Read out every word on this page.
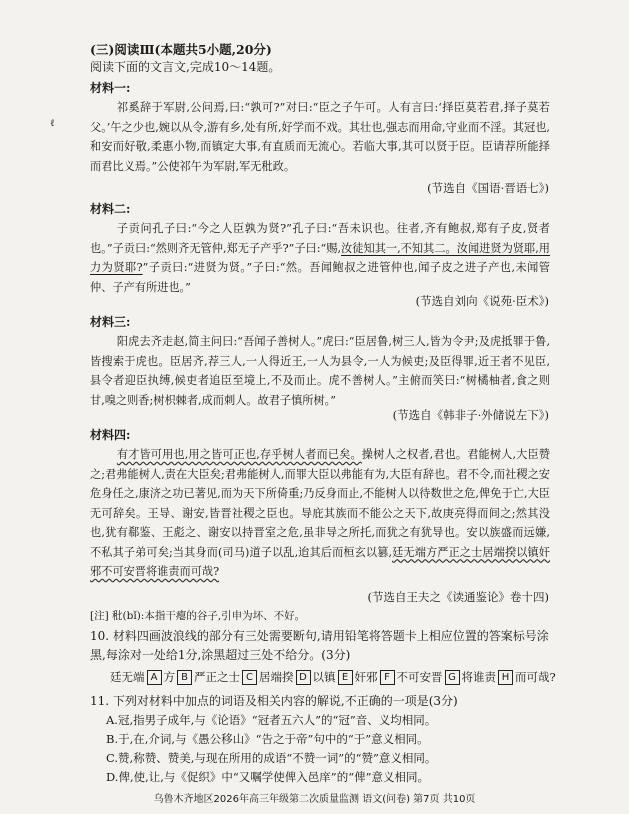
(三)阅读Ⅲ(本题共5小题,20分)
阅读下面的文言文,完成10～14题。
ℓ
材料一:

祁奚辞于军尉,公问焉,曰:“孰可?”对曰:“臣之子午可。人有言曰:‘择臣莫若君,择子莫若父。’午之少也,婉以从令,游有乡,处有所,好学而不戏。其壮也,强志而用命,守业而不淫。其冠也,和安而好敬,柔惠小物,而镇定大事,有直质而无流心。若临大事,其可以贤于臣。臣请荐所能择而君比义焉。”公使祁午为军尉,军无秕政。

(节选自《国语·晋语七》)
材料二:

子贡问孔子曰:“今之人臣孰为贤?”孔子曰:“吾未识也。往者,齐有鲍叔,郑有子皮,贤者也。”子贡曰:“然则齐无管仲,郑无子产乎?”子曰:“赐,汝徒知其一,不知其二。汝闻进贤为贤耶,用力为贤耶?”子贡曰:“进贤为贤。”子曰:“然。吾闻鲍叔之进管仲也,闻子皮之进子产也,未闻管仲、子产有所进也。”

(节选自刘向《说苑·臣术》)
材料三:

阳虎去齐走赵,简主问曰:“吾闻子善树人。”虎曰:“臣居鲁,树三人,皆为令尹;及虎抵罪于鲁,皆搜索于虎也。臣居齐,荐三人,一人得近王,一人为县令,一人为候吏;及臣得罪,近王者不见臣,县令者迎臣执缚,候吏者追臣至境上,不及而止。虎不善树人。”主俯而笑曰:“树橘柚者,食之则甘,嗅之则香;树枳棘者,成而刺人。故君子慎所树。”

(节选自《韩非子·外储说左下》)
材料四:

有才皆可用也,用之皆可正也,存乎树人者而已矣。操树人之权者,君也。君能树人,大臣赞之;君弗能树人,责在大臣矣;君弗能树人,而罪大臣以弗能有为,大臣有辞也。君不令,而社稷之安危身任之,康济之功已著见,而为天下所倚重;乃反身而止,不能树人以待数世之危,俾免于亡,大臣无可辞矣。王导、谢安,皆晋社稷之臣也。导庇其族而不能公之天下,故庚亮得而间之;然其没也,犹有郗鉴、王彪之、谢安以持晋室之危,虽非导之所托,而犹之有犹导也。安以族盛而远嫌,不私其子弟可矣;当其身而(司马)道子以乱,迨其后而桓玄以篡,廷无端方严正之士居端揆以镇奸邪不可安晋将谁责而可哉?

(节选自王夫之《读通鉴论》卷十四)
[注] 秕(bǐ):本指干瘪的谷子,引申为坏、不好。
10. 材料四画波浪线的部分有三处需要断句,请用铅笔将答题卡上相应位置的答案标号涂黑,每涂对一处给1分,涂黑超过三处不给分。(3分)
廷无端 A 方 B 严正之士 C 居端揆 D 以镇 E 奸邪 F 不可 安晋 G 将谁责 H 而可哉?
11. 下列对材料中加点的词语及相关内容的解说,不正确的一项是(3分)
A.冠,指男子成年,与《论语》“冠者五六人”的“冠”音、义均相同。
B.于,在,介词,与《愚公移山》“告之于帝”句中的“于”意义相同。
C.赞,称赞、赞美,与现在所用的成语“不赞一词”的“赞”意义相同。
D.俾,使,让,与《促织》中“又嘱学使俾入邑庠”的“俾”意义相同。
乌鲁木齐地区2026年高三年级第二次质量监测 语文(问卷) 第7页 共10页
